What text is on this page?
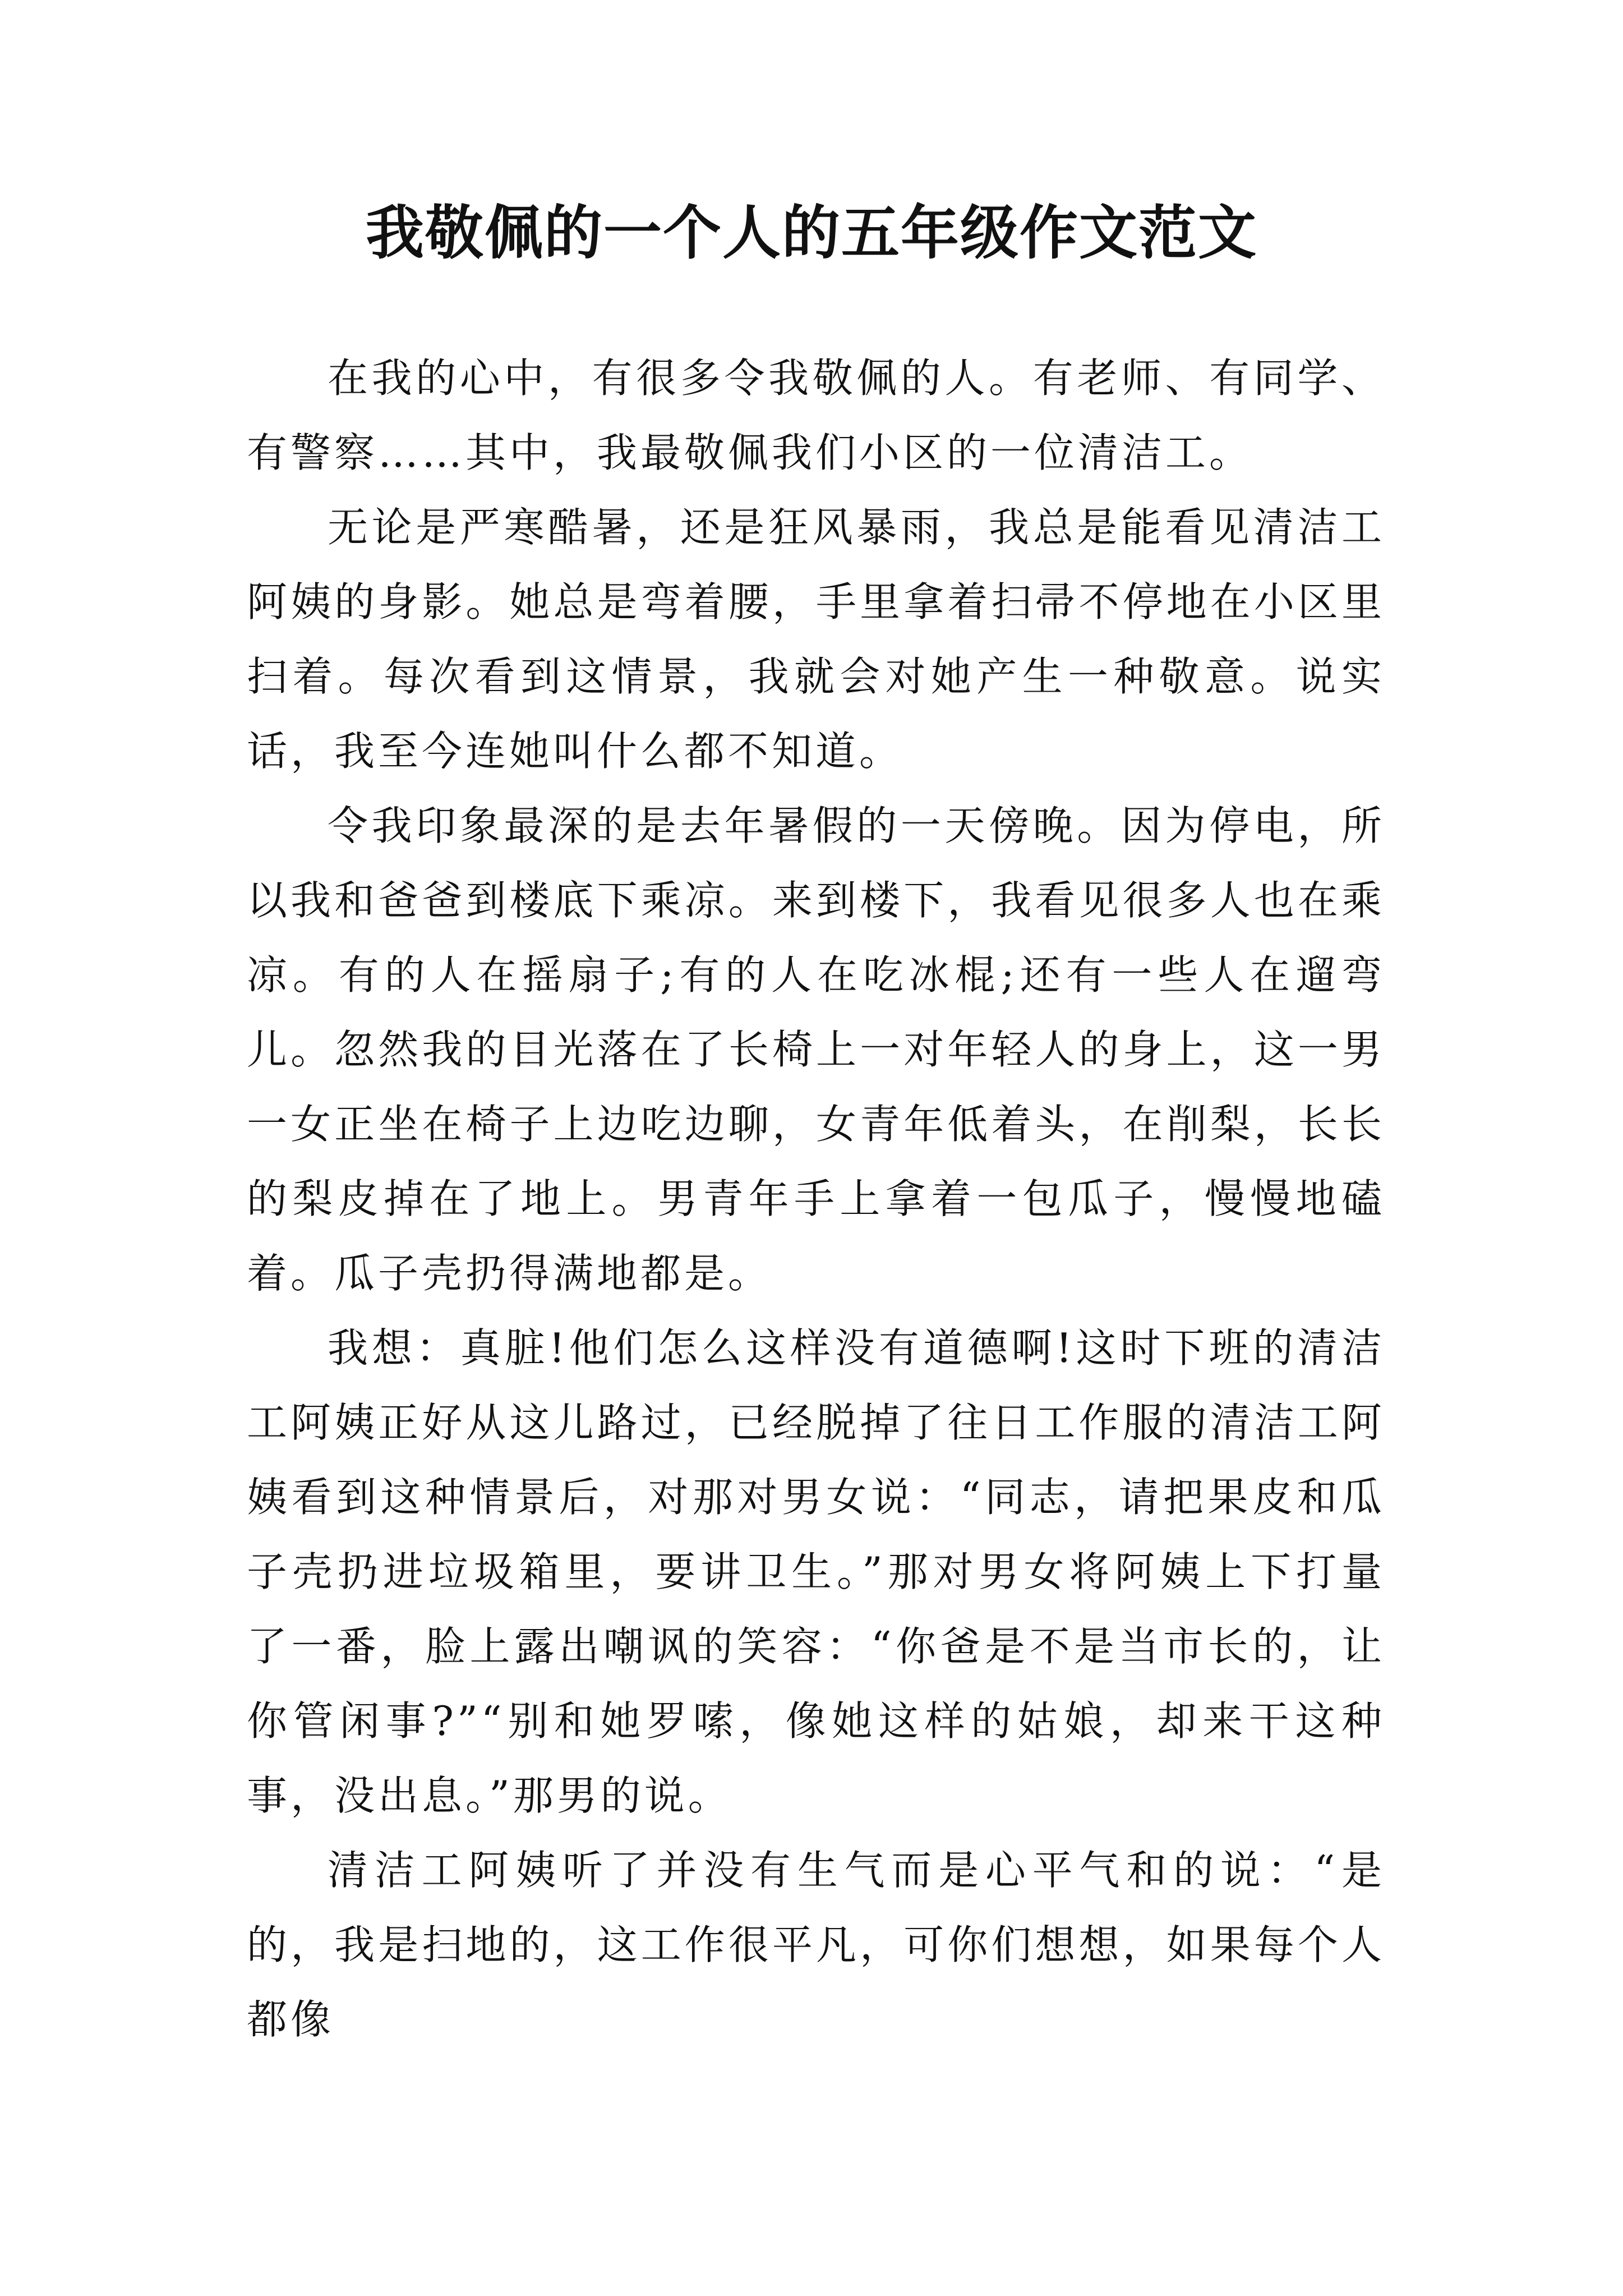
我敬佩的一个人的五年级作文范文

在我的心中，有很多令我敬佩的人。有老师、有同学、有警察……其中，我最敬佩我们小区的一位清洁工。

无论是严寒酷暑，还是狂风暴雨，我总是能看见清洁工阿姨的身影。她总是弯着腰，手里拿着扫帚不停地在小区里扫着。每次看到这情景，我就会对她产生一种敬意。说实话，我至今连她叫什么都不知道。

令我印象最深的是去年暑假的一天傍晚。因为停电，所以我和爸爸到楼底下乘凉。来到楼下，我看见很多人也在乘凉。有的人在摇扇子;有的人在吃冰棍;还有一些人在遛弯儿。忽然我的目光落在了长椅上一对年轻人的身上，这一男一女正坐在椅子上边吃边聊，女青年低着头，在削梨，长长的梨皮掉在了地上。男青年手上拿着一包瓜子，慢慢地磕着。瓜子壳扔得满地都是。

我想：真脏!他们怎么这样没有道德啊!这时下班的清洁工阿姨正好从这儿路过，已经脱掉了往日工作服的清洁工阿姨看到这种情景后，对那对男女说：“同志，请把果皮和瓜子壳扔进垃圾箱里，要讲卫生。”那对男女将阿姨上下打量了一番，脸上露出嘲讽的笑容：“你爸是不是当市长的，让你管闲事?”“别和她罗嗦，像她这样的姑娘，却来干这种事，没出息。”那男的说。

清洁工阿姨听了并没有生气而是心平气和的说：“是的，我是扫地的，这工作很平凡，可你们想想，如果每个人都像
